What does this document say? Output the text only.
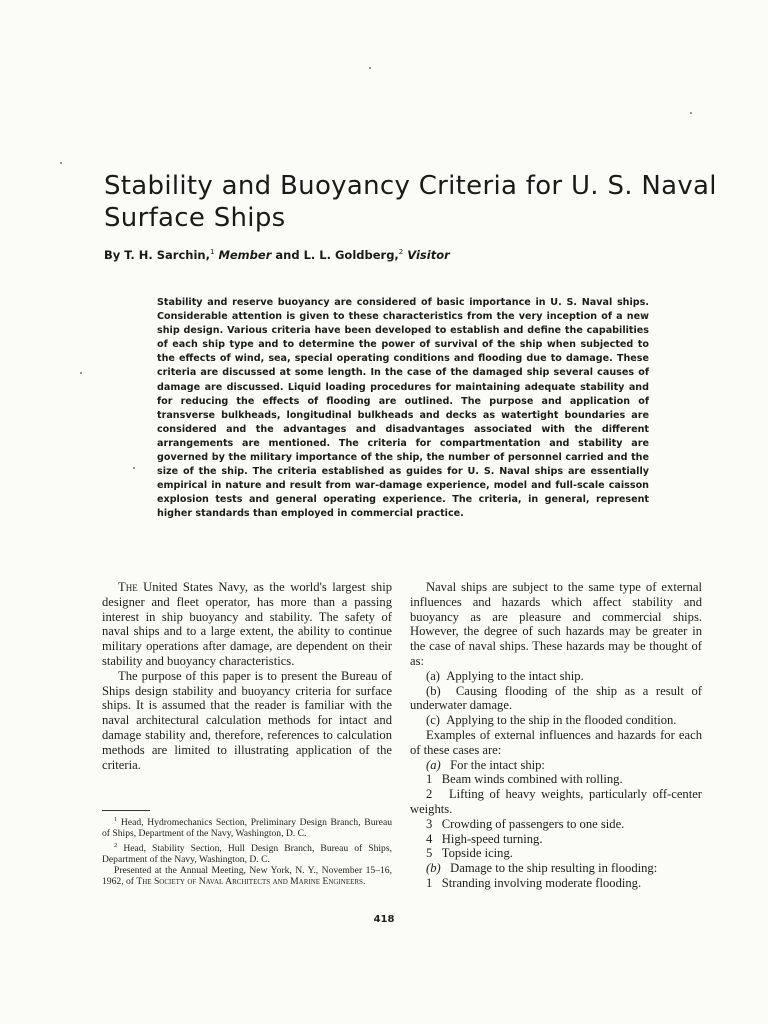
Stability and Buoyancy Criteria for U. S. Naval Surface Ships
By T. H. Sarchin,$^1$ Member and L. L. Goldberg,$^2$ Visitor

Stability and reserve buoyancy are considered of basic importance in U. S. Naval ships. Considerable attention is given to these characteristics from the very inception of a new ship design. Various criteria have been developed to establish and define the capabilities of each ship type and to determine the power of survival of the ship when subjected to the effects of wind, sea, special operating conditions and flooding due to damage. These criteria are discussed at some length. In the case of the damaged ship several causes of damage are discussed. Liquid loading procedures for maintaining adequate stability and for reducing the effects of flooding are outlined. The purpose and application of transverse bulkheads, longitudinal bulkheads and decks as watertight boundaries are considered and the advantages and disadvantages associated with the different arrangements are mentioned. The criteria for compartmentation and stability are governed by the military importance of the ship, the number of personnel carried and the size of the ship. The criteria established as guides for U. S. Naval ships are essentially empirical in nature and result from war-damage experience, model and full-scale caisson explosion tests and general operating experience. The criteria, in general, represent higher standards than employed in commercial practice.

The United States Navy, as the world's largest ship designer and fleet operator, has more than a passing interest in ship buoyancy and stability. The safety of naval ships and to a large extent, the ability to continue military operations after damage, are dependent on their stability and buoyancy characteristics.

The purpose of this paper is to present the Bureau of Ships design stability and buoyancy criteria for surface ships. It is assumed that the reader is familiar with the naval architectural calculation methods for intact and damage stability and, therefore, references to calculation methods are limited to illustrating application of the criteria.

$^1$ Head, Hydromechanics Section, Preliminary Design Branch, Bureau of Ships, Department of the Navy, Washington, D. C.

$^2$ Head, Stability Section, Hull Design Branch, Bureau of Ships, Department of the Navy, Washington, D. C.

Presented at the Annual Meeting, New York, N. Y., November 15–16, 1962, of The Society of Naval Architects and Marine Engineers.

Naval ships are subject to the same type of external influences and hazards which affect stability and buoyancy as are pleasure and commercial ships. However, the degree of such hazards may be greater in the case of naval ships. These hazards may be thought of as:

(a) Applying to the intact ship.

(b) Causing flooding of the ship as a result of underwater damage.

(c) Applying to the ship in the flooded condition.

Examples of external influences and hazards for each of these cases are:

(a) For the intact ship:

1 Beam winds combined with rolling.

2 Lifting of heavy weights, particularly off-center weights.

3 Crowding of passengers to one side.

4 High-speed turning.

5 Topside icing.

(b) Damage to the ship resulting in flooding:

1 Stranding involving moderate flooding.

418
